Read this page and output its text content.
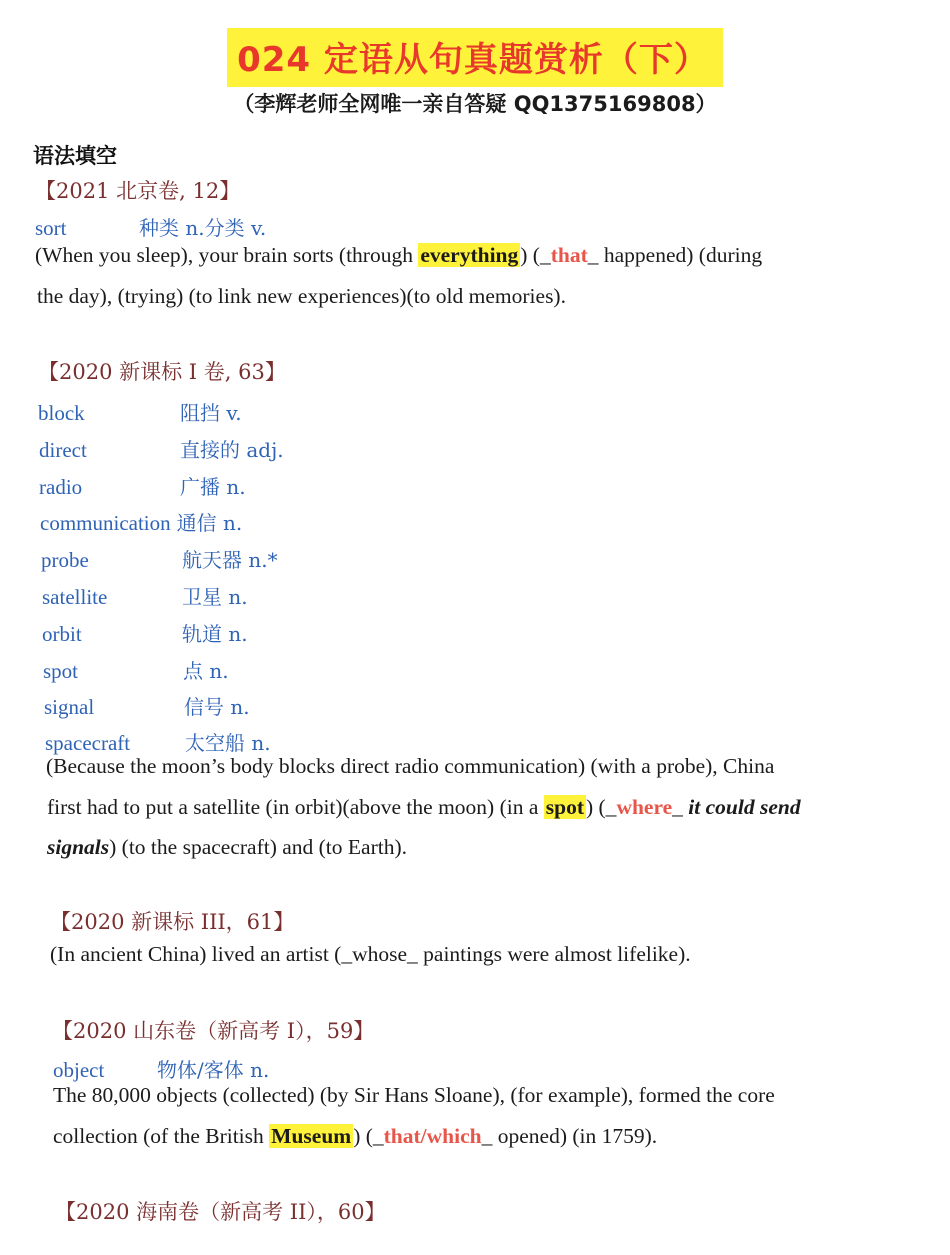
024 定语从句真题赏析（下）
（李辉老师全网唯一亲自答疑 QQ1375169808）
语法填空
【2021 北京卷, 12】
sort	种类 n.分类 v.
(When you sleep), your brain sorts (through everything) (_that_ happened) (during
the day), (trying) (to link new experiences)(to old memories).
【2020 新课标 I 卷, 63】
block	阻挡 v.
direct	直接的 adj.
radio	广播 n.
communication 通信 n.
probe	航天器 n.*
satellite	卫星 n.
orbit	轨道 n.
spot	点 n.
signal	信号 n.
spacecraft	太空船 n.
(Because the moon’s body blocks direct radio communication) (with a probe), China
first had to put a satellite (in orbit)(above the moon) (in a spot) (_where_ it could send
signals) (to the spacecraft) and (to Earth).
【2020 新课标 III，61】
(In ancient China) lived an artist (_whose_ paintings were almost lifelike).
【2020 山东卷（新高考 I），59】
object	物体/客体 n.
The 80,000 objects (collected) (by Sir Hans Sloane), (for example), formed the core
collection (of the British Museum) (_that/which_ opened) (in 1759).
【2020 海南卷（新高考 II），60】
